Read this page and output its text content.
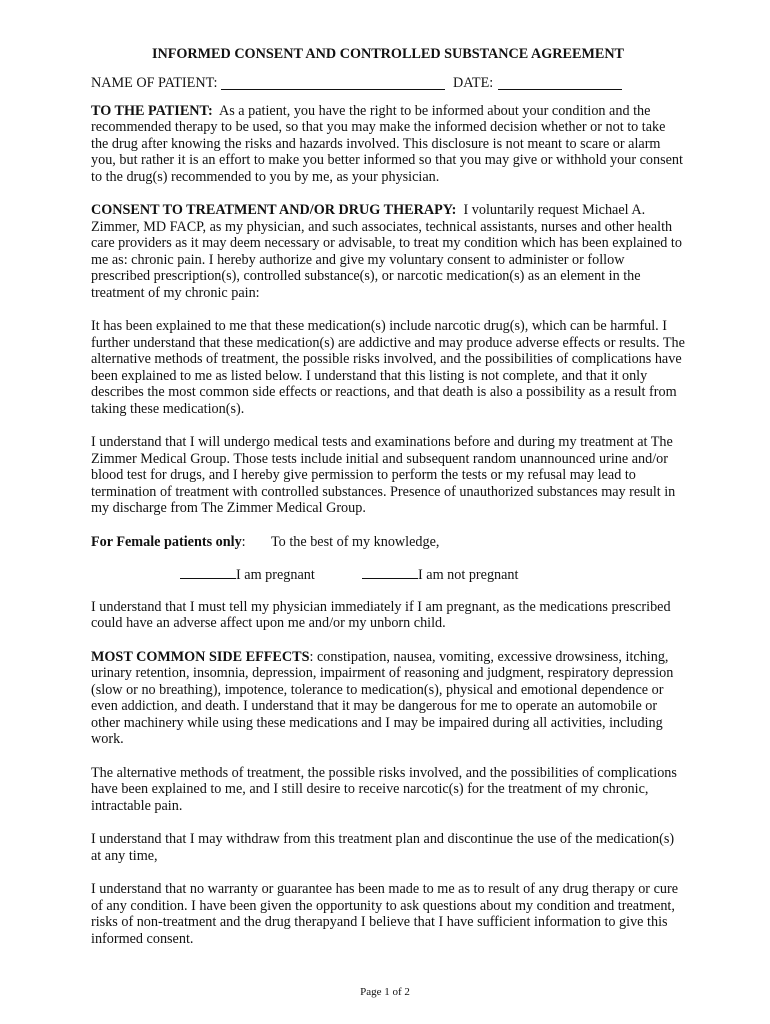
INFORMED CONSENT AND CONTROLLED SUBSTANCE AGREEMENT
NAME OF PATIENT:	DATE:

TO THE PATIENT: As a patient, you have the right to be informed about your condition and the recommended therapy to be used, so that you may make the informed decision whether or not to take the drug after knowing the risks and hazards involved. This disclosure is not meant to scare or alarm you, but rather it is an effort to make you better informed so that you may give or withhold your consent to the drug(s) recommended to you by me, as your physician.

CONSENT TO TREATMENT AND/OR DRUG THERAPY: I voluntarily request Michael A. Zimmer, MD FACP, as my physician, and such associates, technical assistants, nurses and other health care providers as it may deem necessary or advisable, to treat my condition which has been explained to me as: chronic pain. I hereby authorize and give my voluntary consent to administer or follow prescribed prescription(s), controlled substance(s), or narcotic medication(s) as an element in the treatment of my chronic pain:

It has been explained to me that these medication(s) include narcotic drug(s), which can be harmful. I further understand that these medication(s) are addictive and may produce adverse effects or results. The alternative methods of treatment, the possible risks involved, and the possibilities of complications have been explained to me as listed below. I understand that this listing is not complete, and that it only describes the most common side effects or reactions, and that death is also a possibility as a result from taking these medication(s).

I understand that I will undergo medical tests and examinations before and during my treatment at The Zimmer Medical Group. Those tests include initial and subsequent random unannounced urine and/or blood test for drugs, and I hereby give permission to perform the tests or my refusal may lead to termination of treatment with controlled substances. Presence of unauthorized substances may result in my discharge from The Zimmer Medical Group.

For Female patients only: To the best of my knowledge,
I am pregnant	I am not pregnant

I understand that I must tell my physician immediately if I am pregnant, as the medications prescribed could have an adverse affect upon me and/or my unborn child.

MOST COMMON SIDE EFFECTS: constipation, nausea, vomiting, excessive drowsiness, itching, urinary retention, insomnia, depression, impairment of reasoning and judgment, respiratory depression (slow or no breathing), impotence, tolerance to medication(s), physical and emotional dependence or even addiction, and death. I understand that it may be dangerous for me to operate an automobile or other machinery while using these medications and I may be impaired during all activities, including work.

The alternative methods of treatment, the possible risks involved, and the possibilities of complications have been explained to me, and I still desire to receive narcotic(s) for the treatment of my chronic, intractable pain.

I understand that I may withdraw from this treatment plan and discontinue the use of the medication(s) at any time,

I understand that no warranty or guarantee has been made to me as to result of any drug therapy or cure of any condition. I have been given the opportunity to ask questions about my condition and treatment, risks of non-treatment and the drug therapyand I believe that I have sufficient information to give this informed consent.

Page 1 of 2
